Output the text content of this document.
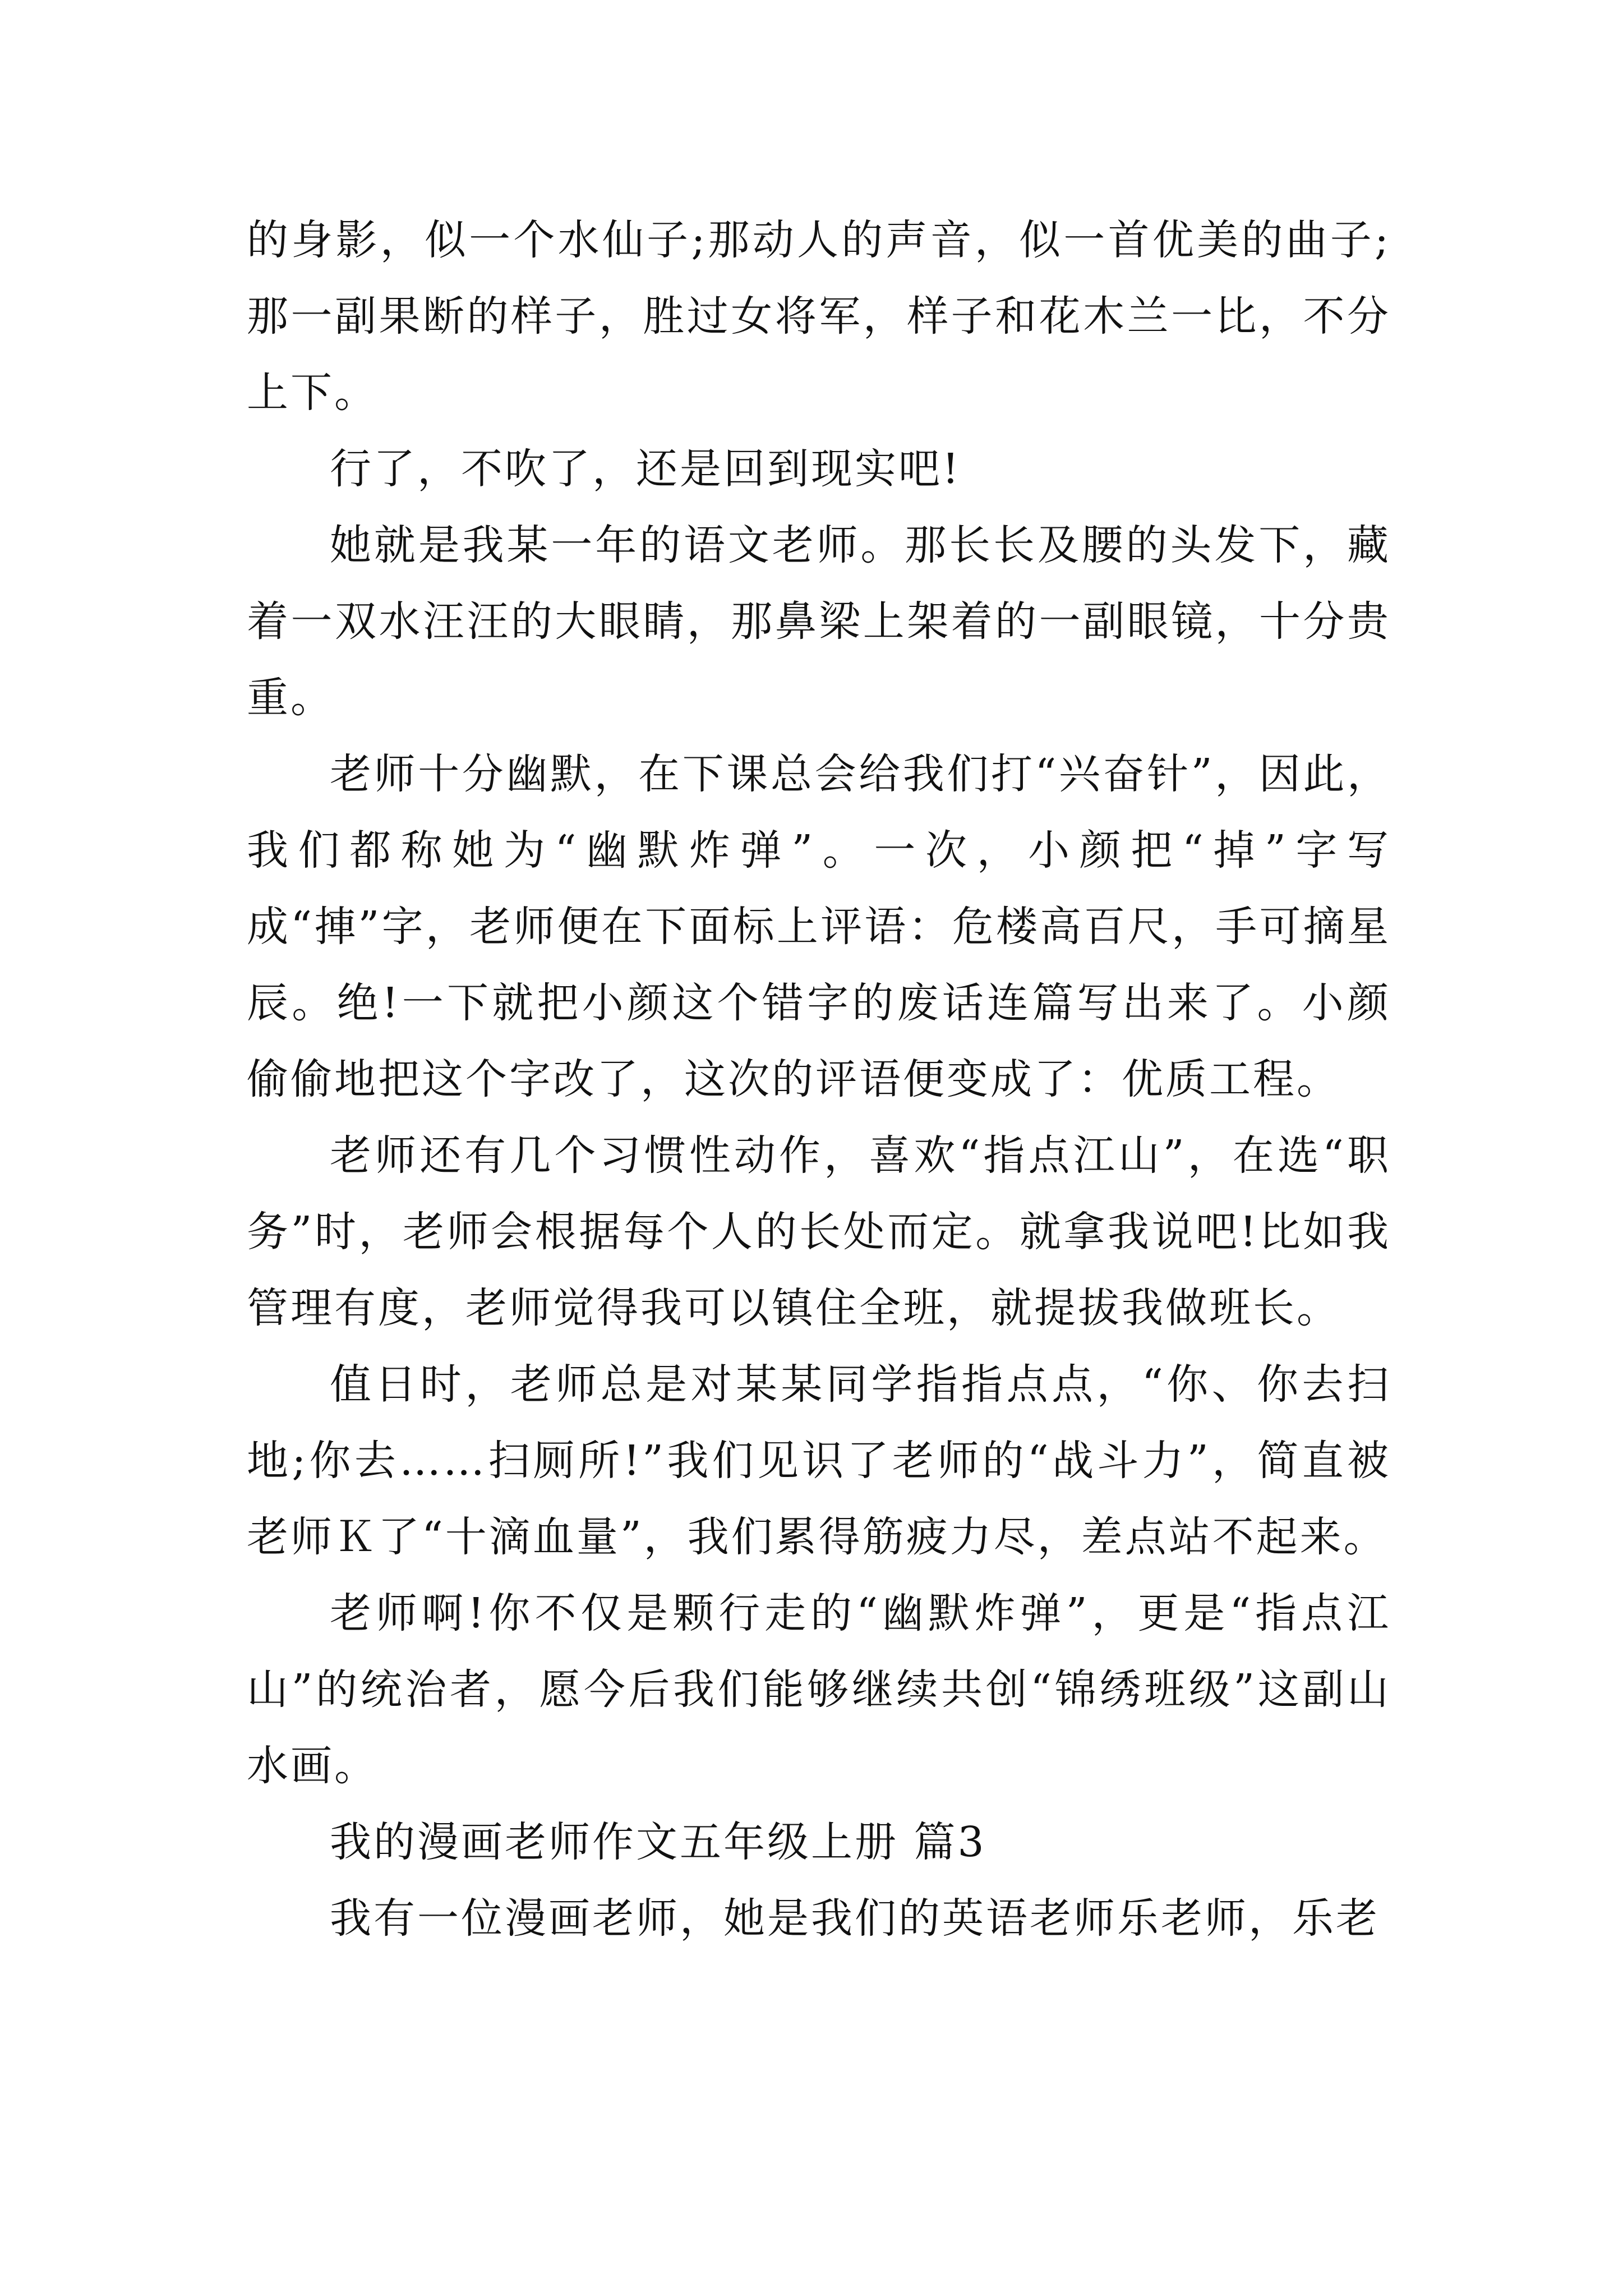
的身影，似一个水仙子;那动人的声音，似一首优美的曲子;那一副果断的样子，胜过女将军，样子和花木兰一比，不分上下。

行了，不吹了，还是回到现实吧!

她就是我某一年的语文老师。那长长及腰的头发下，藏着一双水汪汪的大眼睛，那鼻梁上架着的一副眼镜，十分贵重。

老师十分幽默，在下课总会给我们打“兴奋针”，因此，我们都称她为“幽默炸弹”。一次，小颜把“掉”字写成“捙”字，老师便在下面标上评语：危楼高百尺，手可摘星辰。绝!一下就把小颜这个错字的废话连篇写出来了。小颜偷偷地把这个字改了，这次的评语便变成了：优质工程。

老师还有几个习惯性动作，喜欢“指点江山”，在选“职务”时，老师会根据每个人的长处而定。就拿我说吧!比如我管理有度，老师觉得我可以镇住全班，就提拔我做班长。

值日时，老师总是对某某同学指指点点，“你、你去扫地;你去……扫厕所!”我们见识了老师的“战斗力”，简直被老师Ｋ了“十滴血量”，我们累得筋疲力尽，差点站不起来。

老师啊!你不仅是颗行走的“幽默炸弹”，更是“指点江山”的统治者，愿今后我们能够继续共创“锦绣班级”这副山水画。

我的漫画老师作文五年级上册 篇3

我有一位漫画老师，她是我们的英语老师乐老师，乐老
